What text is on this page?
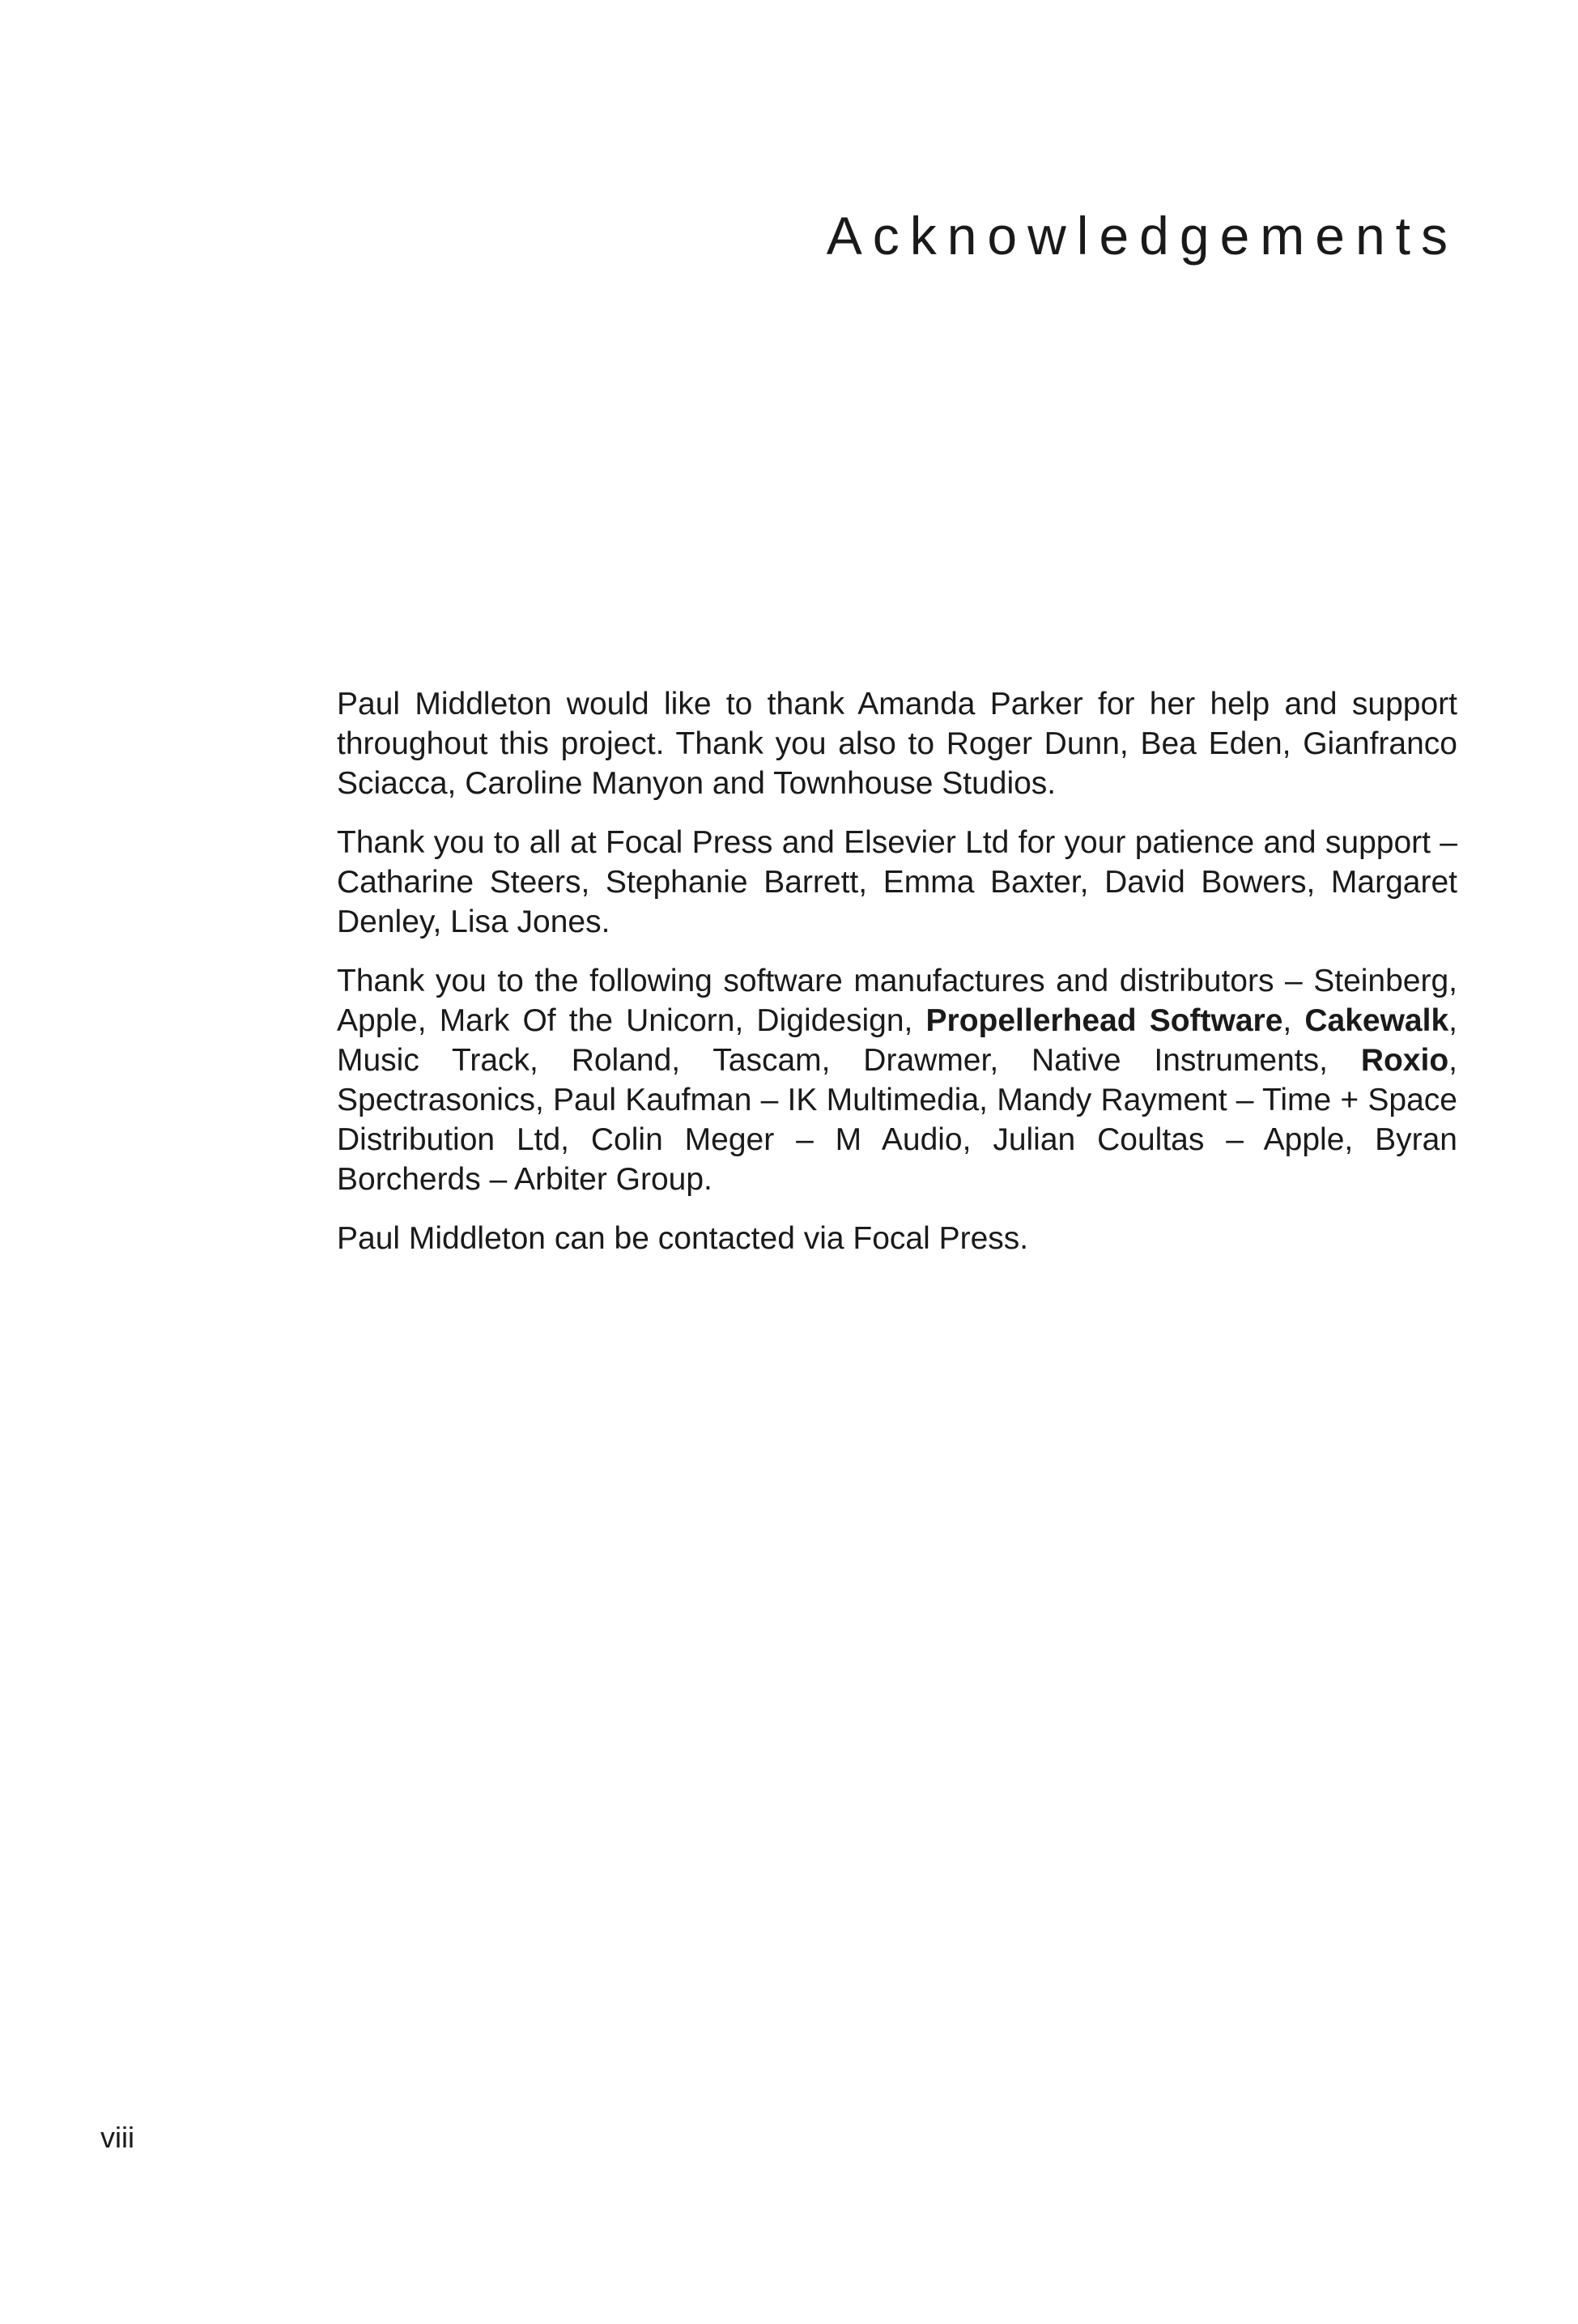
Acknowledgements

Paul Middleton would like to thank Amanda Parker for her help and support throughout this project. Thank you also to Roger Dunn, Bea Eden, Gianfranco Sciacca, Caroline Manyon and Townhouse Studios.

Thank you to all at Focal Press and Elsevier Ltd for your patience and support – Catharine Steers, Stephanie Barrett, Emma Baxter, David Bowers, Margaret Denley, Lisa Jones.

Thank you to the following software manufactures and distributors – Steinberg, Apple, Mark Of the Unicorn, Digidesign, Propellerhead Software, Cakewalk, Music Track, Roland, Tascam, Drawmer, Native Instruments, Roxio, Spectrasonics, Paul Kaufman – IK Multimedia, Mandy Rayment – Time + Space Distribution Ltd, Colin Meger – M Audio, Julian Coultas – Apple, Byran Borcherds – Arbiter Group.

Paul Middleton can be contacted via Focal Press.

viii
